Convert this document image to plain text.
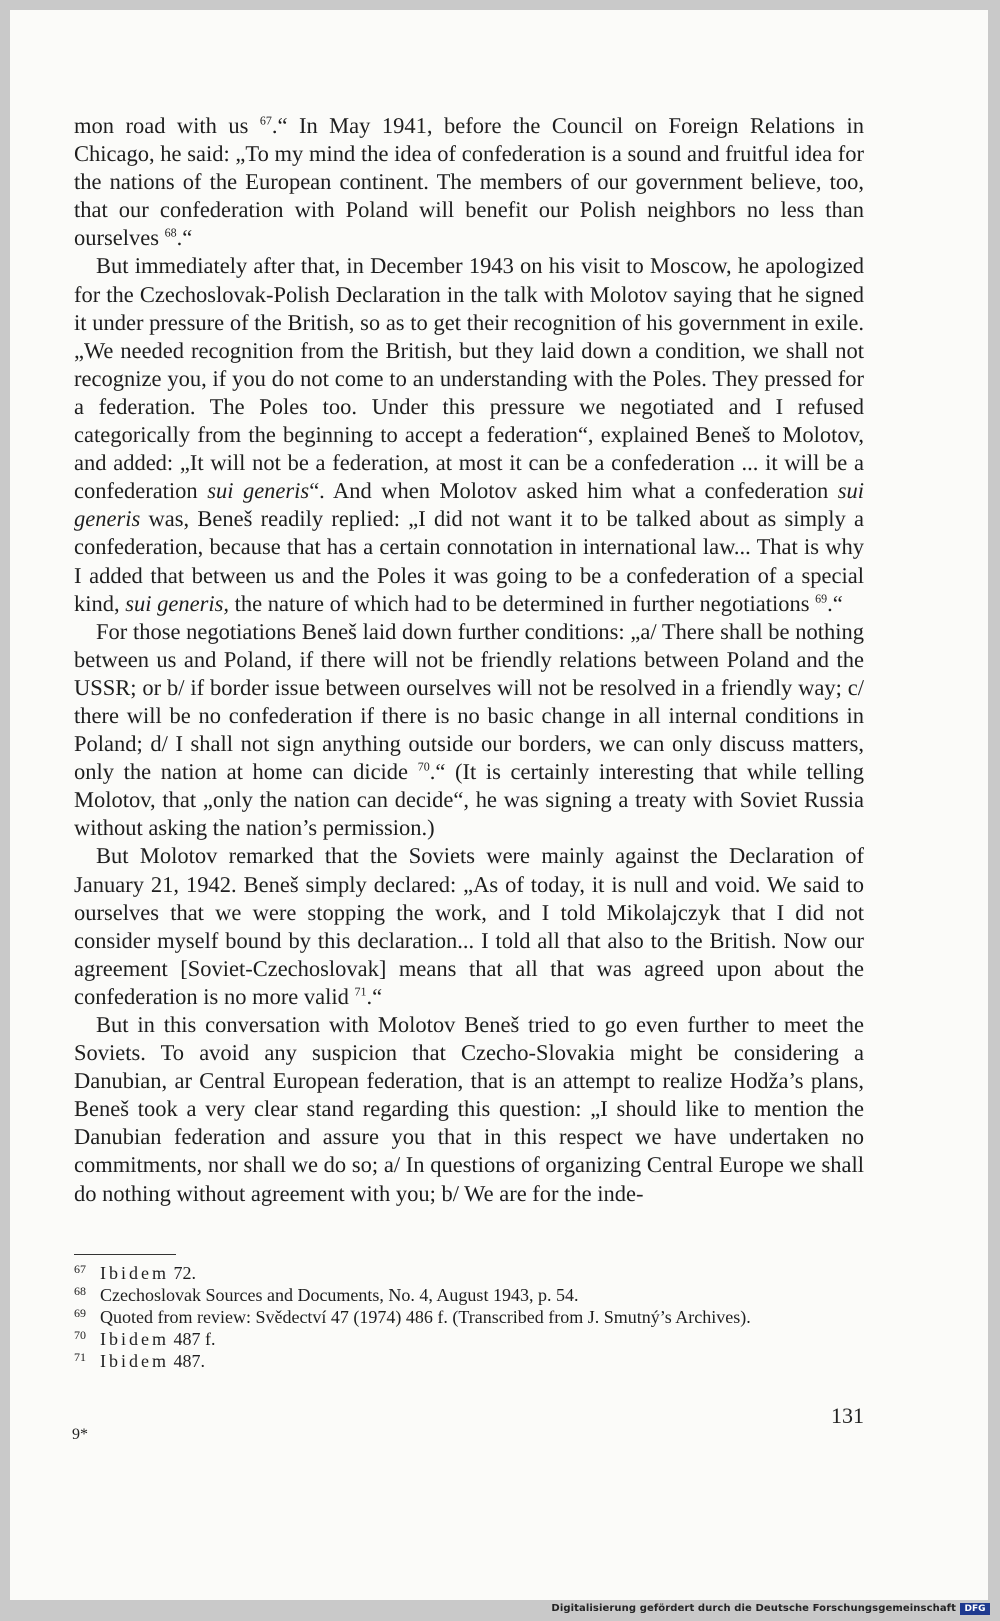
mon road with us $^{67}$.“ In May 1941, before the Council on Foreign Relations in Chicago, he said: „To my mind the idea of confederation is a sound and fruitful idea for the nations of the European continent. The members of our government believe, too, that our confederation with Poland will benefit our Polish neighbors no less than ourselves $^{68}$.“

But immediately after that, in December 1943 on his visit to Moscow, he apologized for the Czechoslovak-Polish Declaration in the talk with Molotov saying that he signed it under pressure of the British, so as to get their recognition of his government in exile. „We needed recognition from the British, but they laid down a condition, we shall not recognize you, if you do not come to an understanding with the Poles. They pressed for a federation. The Poles too. Under this pressure we negotiated and I refused categorically from the beginning to accept a federation“, explained Beneš to Molotov, and added: „It will not be a federation, at most it can be a confederation ... it will be a confederation sui generis“. And when Molotov asked him what a confederation sui generis was, Beneš readily replied: „I did not want it to be talked about as simply a confederation, because that has a certain connotation in international law... That is why I added that between us and the Poles it was going to be a confederation of a special kind, sui generis, the nature of which had to be determined in further negotiations $^{69}$.“

For those negotiations Beneš laid down further conditions: „a/ There shall be nothing between us and Poland, if there will not be friendly relations between Poland and the USSR; or b/ if border issue between ourselves will not be resolved in a friendly way; c/ there will be no confederation if there is no basic change in all internal conditions in Poland; d/ I shall not sign anything outside our borders, we can only discuss matters, only the nation at home can dicide $^{70}$.“ (It is certainly interesting that while telling Molotov, that „only the nation can decide“, he was signing a treaty with Soviet Russia without asking the nation’s permission.)

But Molotov remarked that the Soviets were mainly against the Declaration of January 21, 1942. Beneš simply declared: „As of today, it is null and void. We said to ourselves that we were stopping the work, and I told Mikolajczyk that I did not consider myself bound by this declaration... I told all that also to the British. Now our agreement [Soviet-Czechoslovak] means that all that was agreed upon about the confederation is no more valid $^{71}$.“

But in this conversation with Molotov Beneš tried to go even further to meet the Soviets. To avoid any suspicion that Czecho-Slovakia might be considering a Danubian, ar Central European federation, that is an attempt to realize Hodža’s plans, Beneš took a very clear stand regarding this question: „I should like to mention the Danubian federation and assure you that in this respect we have undertaken no commitments, nor shall we do so; a/ In questions of organizing Central Europe we shall do nothing without agreement with you; b/ We are for the inde-

67 Ibidem 72.
68 Czechoslovak Sources and Documents, No. 4, August 1943, p. 54.
69 Quoted from review: Svědectví 47 (1974) 486 f. (Transcribed from J. Smutný’s Archives).
70 Ibidem 487 f.
71 Ibidem 487.
131
9*
Digitalisierung gefördert durch die Deutsche Forschungsgemeinschaft DFG
